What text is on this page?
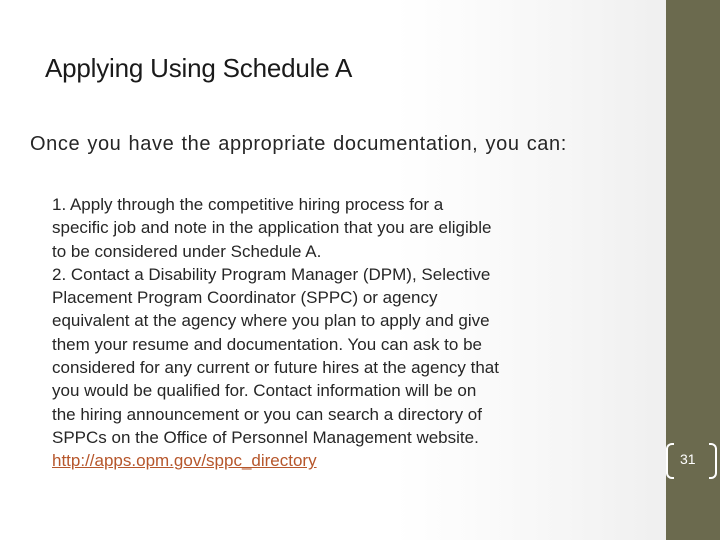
Applying Using Schedule A
Once you have the appropriate documentation, you can:
1. Apply through the competitive hiring process for a
specific job and note in the application that you are eligible
to be considered under Schedule A.
2. Contact a Disability Program Manager (DPM), Selective
Placement Program Coordinator (SPPC) or agency
equivalent at the agency where you plan to apply and give
them your resume and documentation. You can ask to be
considered for any current or future hires at the agency that
you would be qualified for. Contact information will be on
the hiring announcement or you can search a directory of
SPPCs on the Office of Personnel Management website.
http://apps.opm.gov/sppc_directory	31
